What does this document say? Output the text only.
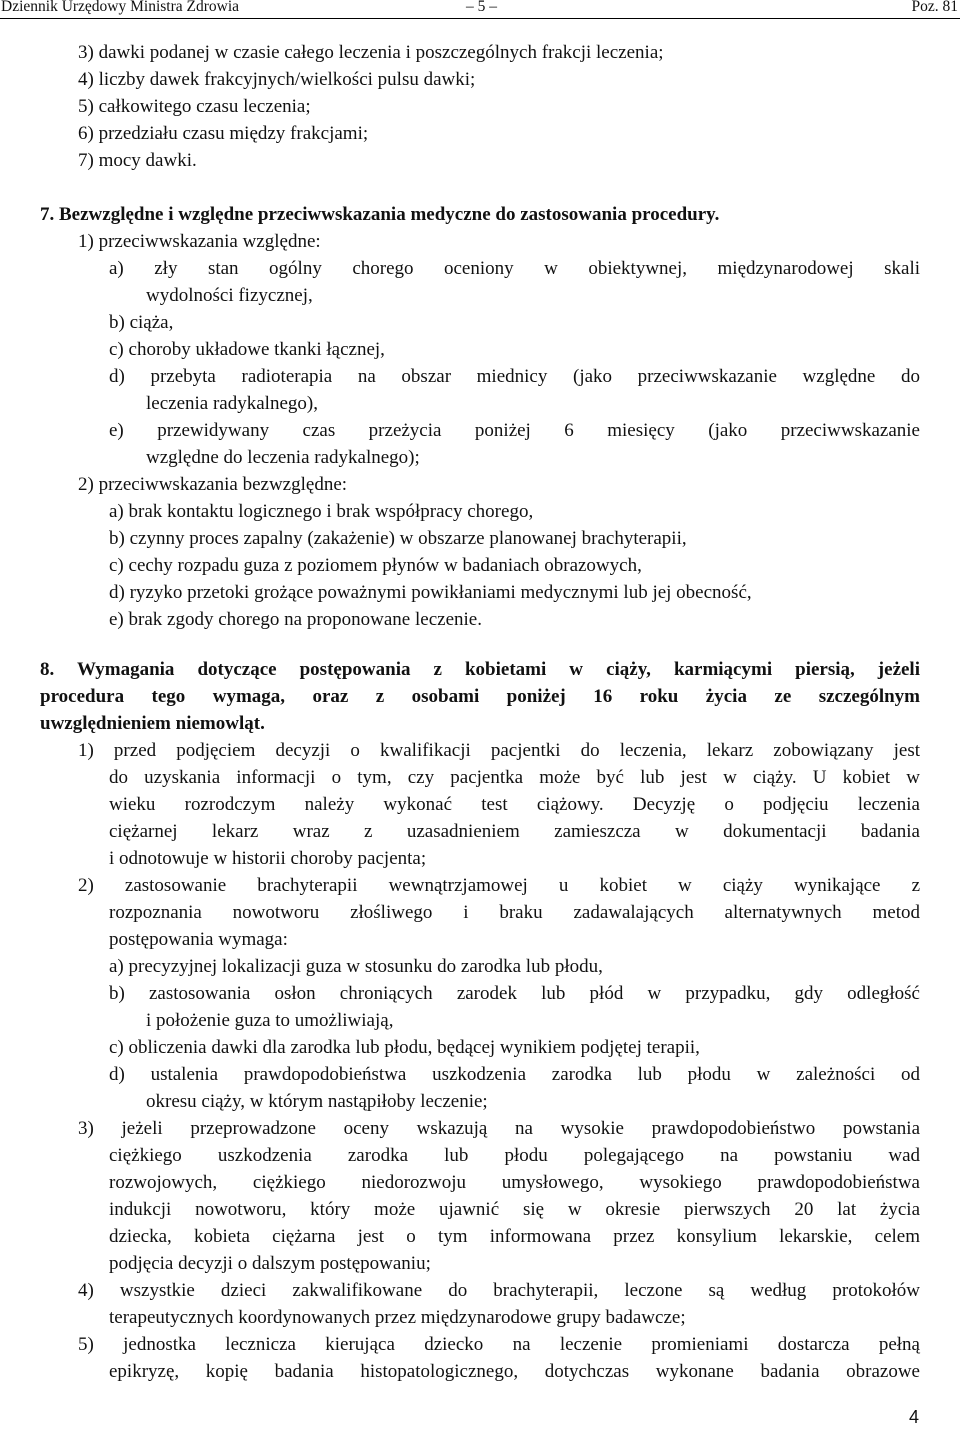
Dziennik Urzędowy Ministra Zdrowia	– 5 –	Poz. 81
3) dawki podanej w czasie całego leczenia i poszczególnych frakcji leczenia;
4) liczby dawek frakcyjnych/wielkości pulsu dawki;
5) całkowitego czasu leczenia;
6) przedziału czasu między frakcjami;
7) mocy dawki.
7. Bezwzględne i względne przeciwwskazania medyczne do zastosowania procedury.
1) przeciwwskazania względne:
a) zły stan ogólny chorego oceniony w obiektywnej, międzynarodowej skali
wydolności fizycznej,
b) ciąża,
c) choroby układowe tkanki łącznej,
d) przebyta radioterapia na obszar miednicy (jako przeciwwskazanie względne do
leczenia radykalnego),
e) przewidywany czas przeżycia poniżej 6 miesięcy (jako przeciwwskazanie
względne do leczenia radykalnego);
2) przeciwwskazania bezwzględne:
a) brak kontaktu logicznego i brak współpracy chorego,
b) czynny proces zapalny (zakażenie) w obszarze planowanej brachyterapii,
c) cechy rozpadu guza z poziomem płynów w badaniach obrazowych,
d) ryzyko przetoki grożące poważnymi powikłaniami medycznymi lub jej obecność,
e) brak zgody chorego na proponowane leczenie.
8. Wymagania dotyczące postępowania z kobietami w ciąży, karmiącymi piersią, jeżeli
procedura tego wymaga, oraz z osobami poniżej 16 roku życia ze szczególnym
uwzględnieniem niemowląt.
1) przed podjęciem decyzji o kwalifikacji pacjentki do leczenia, lekarz zobowiązany jest
do uzyskania informacji o tym, czy pacjentka może być lub jest w ciąży. U kobiet w
wieku rozrodczym należy wykonać test ciążowy. Decyzję o podjęciu leczenia
ciężarnej lekarz wraz z uzasadnieniem zamieszcza w dokumentacji badania
i odnotowuje w historii choroby pacjenta;
2) zastosowanie brachyterapii wewnątrzjamowej u kobiet w ciąży wynikające z
rozpoznania nowotworu złośliwego i braku zadawalających alternatywnych metod
postępowania wymaga:
a) precyzyjnej lokalizacji guza w stosunku do zarodka lub płodu,
b) zastosowania osłon chroniących zarodek lub płód w przypadku, gdy odległość
i położenie guza to umożliwiają,
c) obliczenia dawki dla zarodka lub płodu, będącej wynikiem podjętej terapii,
d) ustalenia prawdopodobieństwa uszkodzenia zarodka lub płodu w zależności od
okresu ciąży, w którym nastąpiłoby leczenie;
3) jeżeli przeprowadzone oceny wskazują na wysokie prawdopodobieństwo powstania
ciężkiego uszkodzenia zarodka lub płodu polegającego na powstaniu wad
rozwojowych, ciężkiego niedorozwoju umysłowego, wysokiego prawdopodobieństwa
indukcji nowotworu, który może ujawnić się w okresie pierwszych 20 lat życia
dziecka, kobieta ciężarna jest o tym informowana przez konsylium lekarskie, celem
podjęcia decyzji o dalszym postępowaniu;
4) wszystkie dzieci zakwalifikowane do brachyterapii, leczone są według protokołów
terapeutycznych koordynowanych przez międzynarodowe grupy badawcze;
5) jednostka lecznicza kierująca dziecko na leczenie promieniami dostarcza pełną
epikryzę, kopię badania histopatologicznego, dotychczas wykonane badania obrazowe
4
